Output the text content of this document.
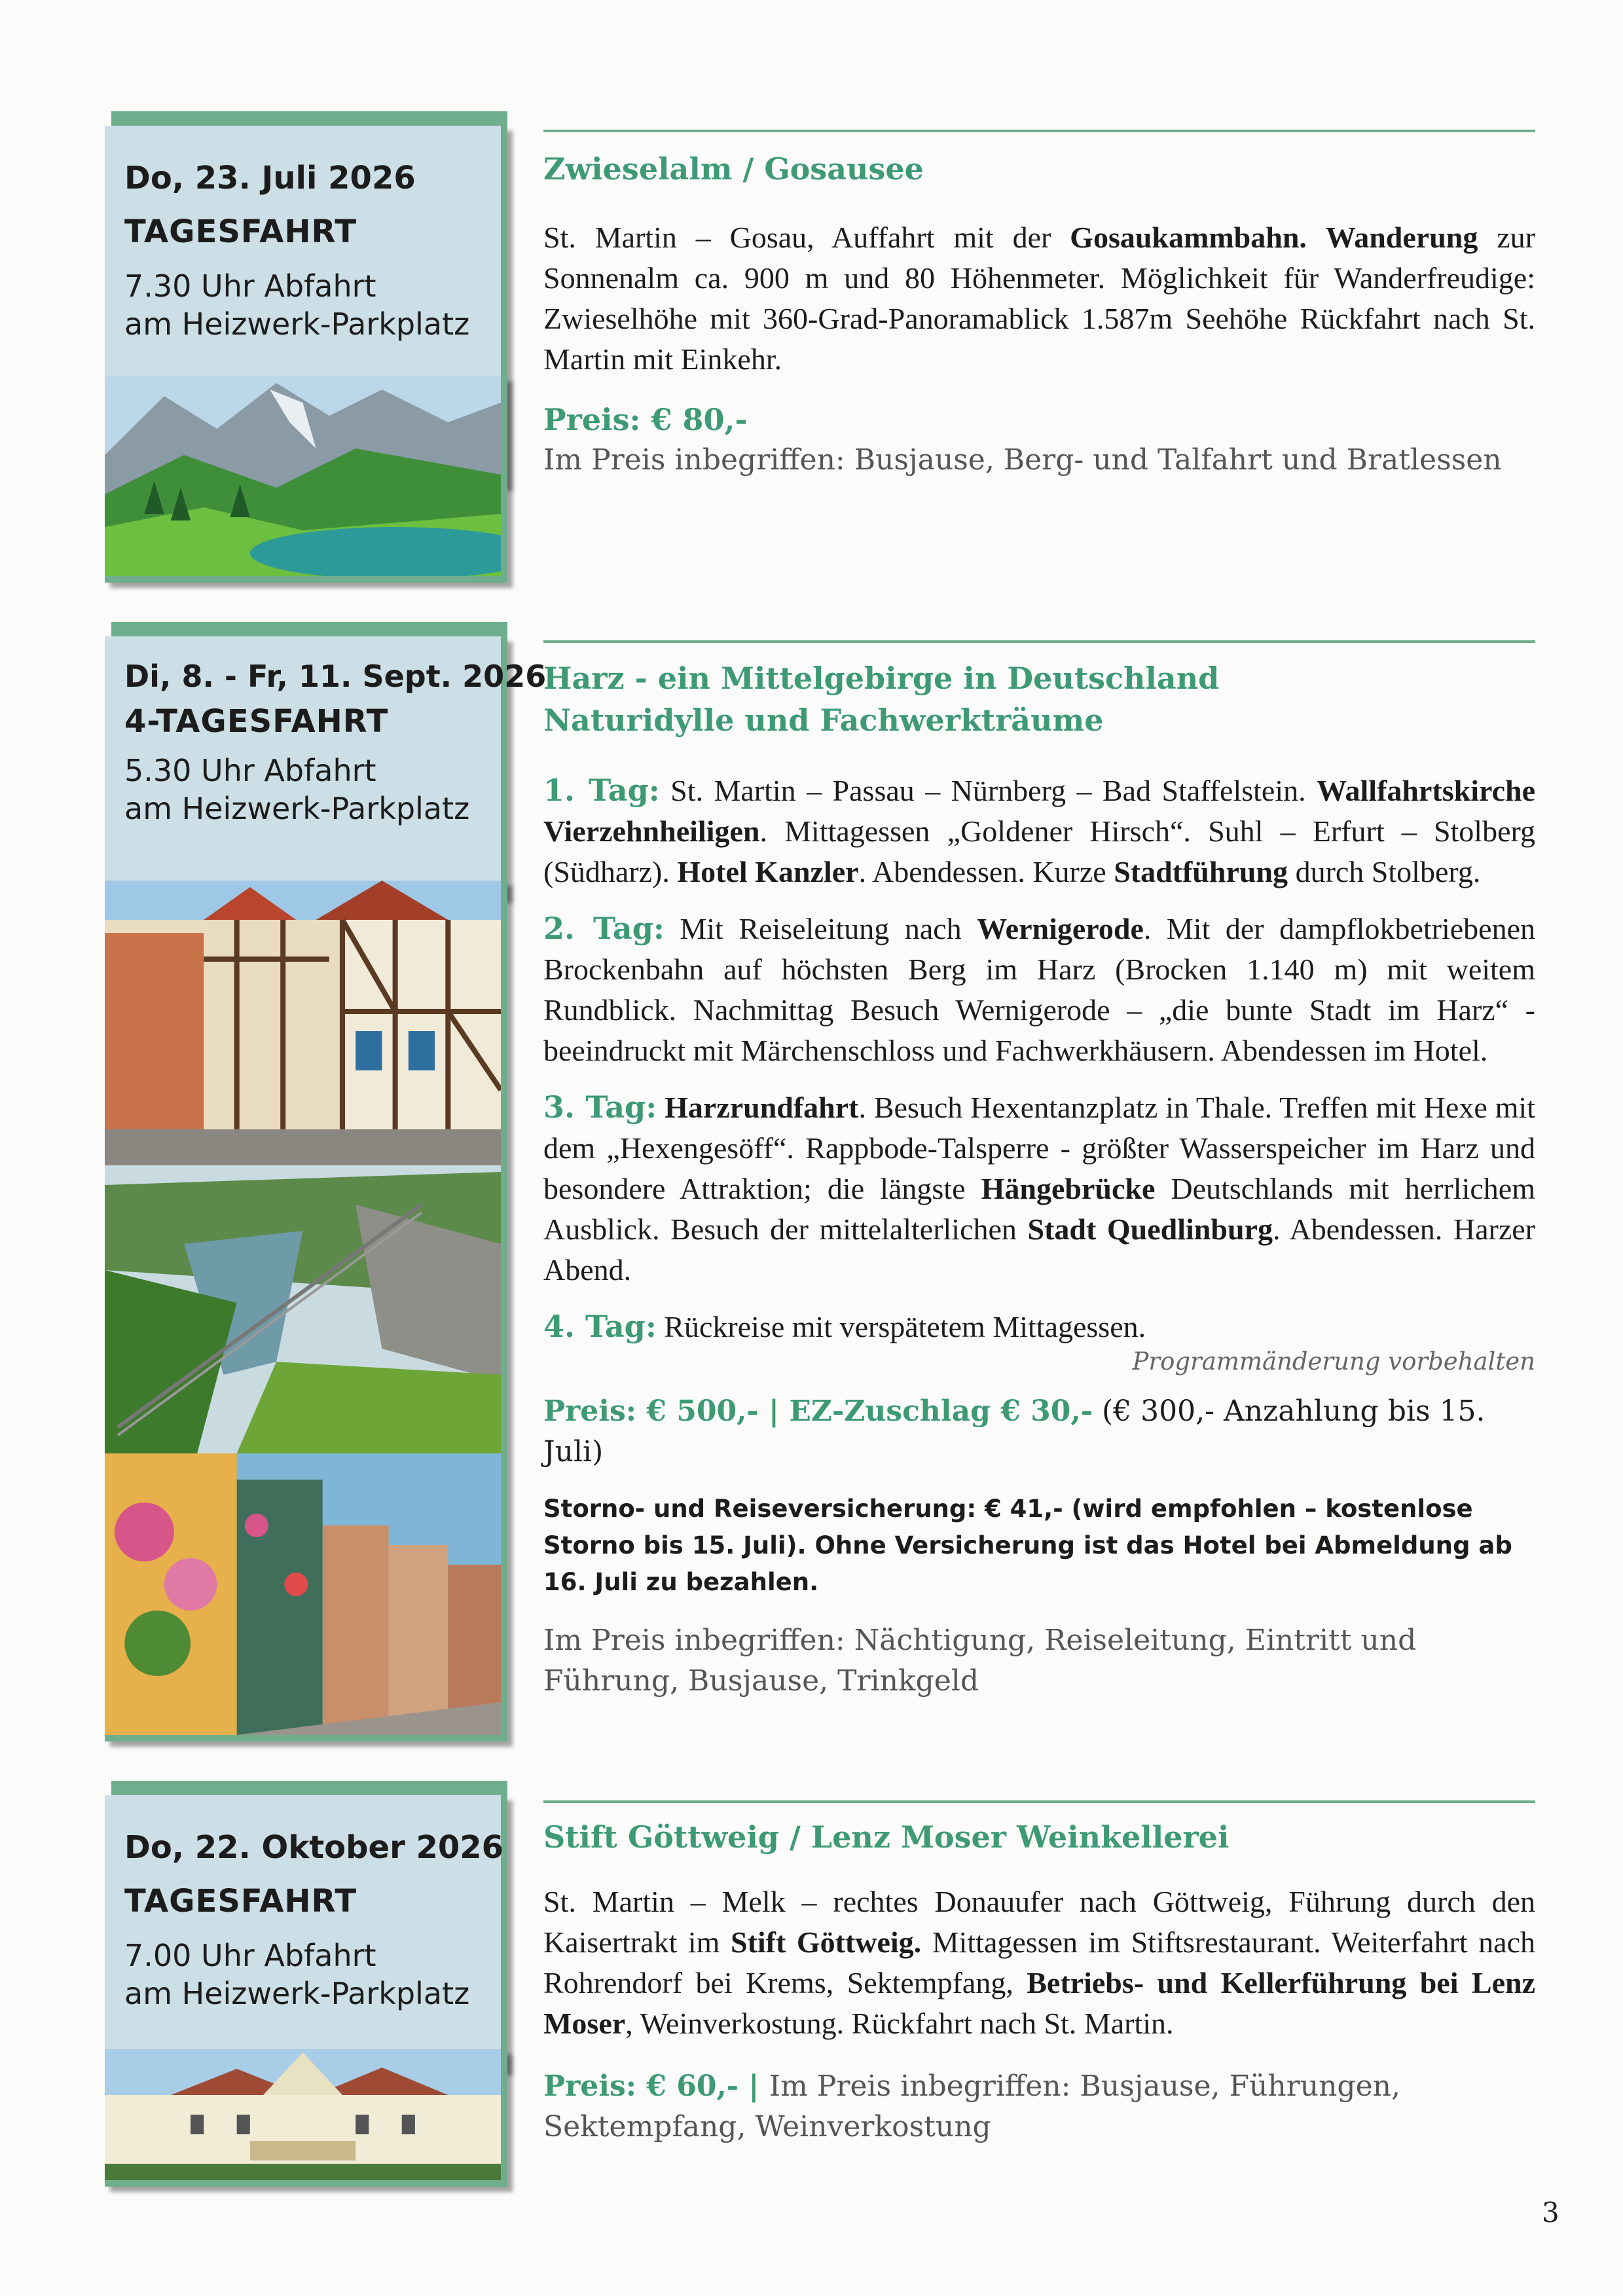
Do, 23. Juli 2026
TAGESFAHRT
7.30 Uhr Abfahrt
am Heizwerk-Parkplatz
Zwieselalm / Gosausee
St. Martin – Gosau, Auffahrt mit der Gosaukammbahn. Wanderung zur Sonnenalm ca. 900 m und 80 Höhenmeter. Möglichkeit für Wanderfreudige: Zwieselhöhe mit 360-Grad-Panoramablick 1.587m Seehöhe Rückfahrt nach St. Martin mit Einkehr.
Preis: € 80,-
Im Preis inbegriffen: Busjause, Berg- und Talfahrt und Bratlessen
Di, 8. - Fr, 11. Sept. 2026
4-TAGESFAHRT
5.30 Uhr Abfahrt
am Heizwerk-Parkplatz
Harz - ein Mittelgebirge in Deutschland
Naturidylle und Fachwerkträume
1. Tag: St. Martin – Passau – Nürnberg – Bad Staffelstein. Wallfahrtskirche Vierzehnheiligen. Mittagessen „Goldener Hirsch“. Suhl – Erfurt – Stolberg (Südharz). Hotel Kanzler. Abendessen. Kurze Stadtführung durch Stolberg.
2. Tag: Mit Reiseleitung nach Wernigerode. Mit der dampflokbetriebenen Brockenbahn auf höchsten Berg im Harz (Brocken 1.140 m) mit weitem Rundblick. Nachmittag Besuch Wernigerode – „die bunte Stadt im Harz“ - beeindruckt mit Märchenschloss und Fachwerkhäusern. Abendessen im Hotel.
3. Tag: Harzrundfahrt. Besuch Hexentanzplatz in Thale. Treffen mit Hexe mit dem „Hexengesöff“. Rappbode-Talsperre - größter Wasserspeicher im Harz und besondere Attraktion; die längste Hängebrücke Deutschlands mit herrlichem Ausblick. Besuch der mittelalterlichen Stadt Quedlinburg. Abendessen. Harzer Abend.
4. Tag: Rückreise mit verspätetem Mittagessen.
Programmänderung vorbehalten
Preis: € 500,- | EZ-Zuschlag € 30,- (€ 300,- Anzahlung bis 15. Juli)
Storno- und Reiseversicherung: € 41,- (wird empfohlen – kostenlose Storno bis 15. Juli). Ohne Versicherung ist das Hotel bei Abmeldung ab 16. Juli zu bezahlen.
Im Preis inbegriffen: Nächtigung, Reiseleitung, Eintritt und Führung, Busjause, Trinkgeld
Do, 22. Oktober 2026
TAGESFAHRT
7.00 Uhr Abfahrt
am Heizwerk-Parkplatz
Stift Göttweig / Lenz Moser Weinkellerei
St. Martin – Melk – rechtes Donauufer nach Göttweig, Führung durch den Kaisertrakt im Stift Göttweig. Mittagessen im Stiftsrestaurant. Weiterfahrt nach Rohrendorf bei Krems, Sektempfang, Betriebs- und Kellerführung bei Lenz Moser, Weinverkostung. Rückfahrt nach St. Martin.
Preis: € 60,- | Im Preis inbegriffen: Busjause, Führungen, Sektempfang, Weinverkostung
3
